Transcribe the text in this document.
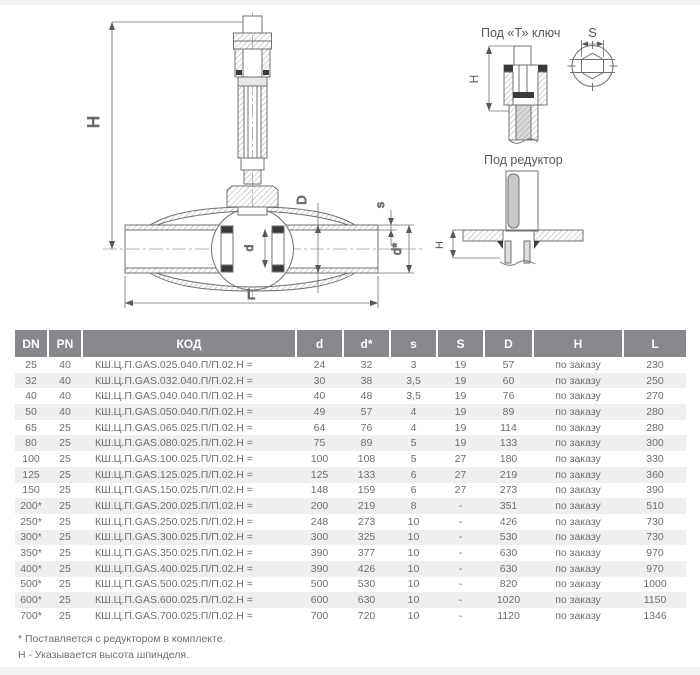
H
D
d
s
d*
L
Под «Т» ключ
H
S
Под редуктор
H
DN	PN	КОД	d	d*	s	S	D	H	L
25	40	КШ.Ц.П.GAS.025.040.П/П.02.Н =	24	32	3	19	57	по заказу	230
32	40	КШ.Ц.П.GAS.032.040.П/П.02.Н =	30	38	3,5	19	60	по заказу	250
40	40	КШ.Ц.П.GAS.040.040.П/П.02.Н =	40	48	3,5	19	76	по заказу	270
50	40	КШ.Ц.П.GAS.050.040.П/П.02.Н =	49	57	4	19	89	по заказу	280
65	25	КШ.Ц.П.GAS.065.025.П/П.02.Н =	64	76	4	19	114	по заказу	280
80	25	КШ.Ц.П.GAS.080.025.П/П.02.Н =	75	89	5	19	133	по заказу	300
100	25	КШ.Ц.П.GAS.100.025.П/П.02.Н =	100	108	5	27	180	по заказу	330
125	25	КШ.Ц.П.GAS.125.025.П/П.02.Н =	125	133	6	27	219	по заказу	360
150	25	КШ.Ц.П.GAS.150.025.П/П.02.Н =	148	159	6	27	273	по заказу	390
200*	25	КШ.Ц.П.GAS.200.025.П/П.02.Н =	200	219	8	-	351	по заказу	510
250*	25	КШ.Ц.П.GAS.250.025.П/П.02.Н =	248	273	10	-	426	по заказу	730
300*	25	КШ.Ц.П.GAS.300.025.П/П.02.Н =	300	325	10	-	530	по заказу	730
350*	25	КШ.Ц.П.GAS.350.025.П/П.02.Н =	390	377	10	-	630	по заказу	970
400*	25	КШ.Ц.П.GAS.400.025.П/П.02.Н =	390	426	10	-	630	по заказу	970
500*	25	КШ.Ц.П.GAS.500.025.П/П.02.Н =	500	530	10	-	820	по заказу	1000
600*	25	КШ.Ц.П.GAS.600.025.П/П.02.Н =	600	630	10	-	1020	по заказу	1150
700*	25	КШ.Ц.П.GAS.700.025.П/П.02.Н =	700	720	10	-	1120	по заказу	1346
* Поставляется с редуктором в комплекте.
Н - Указывается высота шпинделя.
